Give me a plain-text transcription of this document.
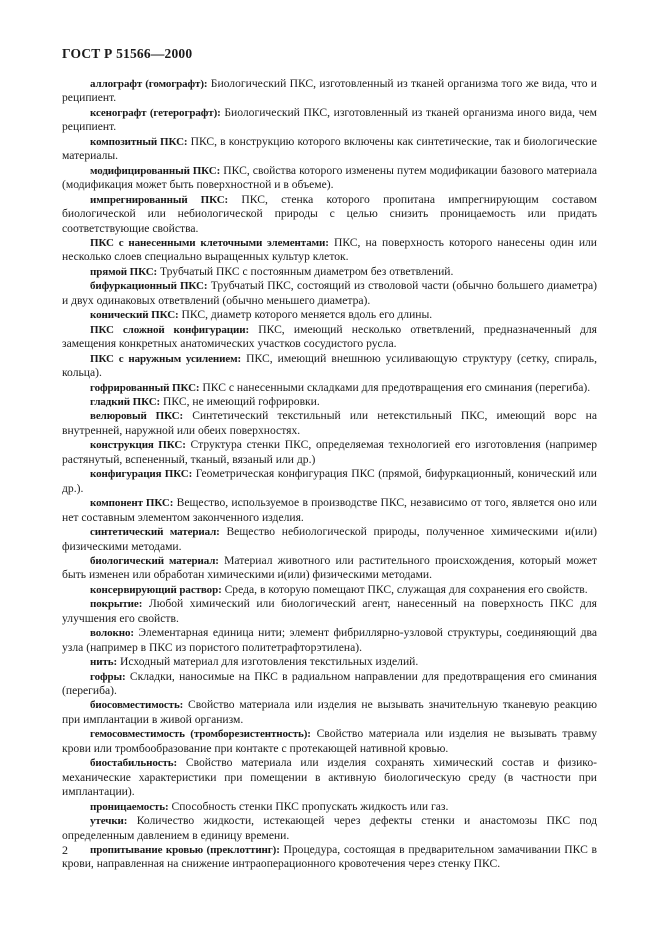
ГОСТ Р 51566—2000

аллографт (гомографт): Биологический ПКС, изготовленный из тканей организма того же вида, что и реципиент.

ксенографт (гетерографт): Биологический ПКС, изготовленный из тканей организма иного вида, чем реципиент.

композитный ПКС: ПКС, в конструкцию которого включены как синтетические, так и биологические материалы.

модифицированный ПКС: ПКС, свойства которого изменены путем модификации базового материала (модификация может быть поверхностной и в объеме).

импрегнированный ПКС: ПКС, стенка которого пропитана импрегнирующим составом биологической или небиологической природы с целью снизить проницаемость или придать соответствующие свойства.

ПКС с нанесенными клеточными элементами: ПКС, на поверхность которого нанесены один или несколько слоев специально выращенных культур клеток.

прямой ПКС: Трубчатый ПКС с постоянным диаметром без ответвлений.

бифуркационный ПКС: Трубчатый ПКС, состоящий из стволовой части (обычно большего диаметра) и двух одинаковых ответвлений (обычно меньшего диаметра).

конический ПКС: ПКС, диаметр которого меняется вдоль его длины.

ПКС сложной конфигурации: ПКС, имеющий несколько ответвлений, предназначенный для замещения конкретных анатомических участков сосудистого русла.

ПКС с наружным усилением: ПКС, имеющий внешнюю усиливающую структуру (сетку, спираль, кольца).

гофрированный ПКС: ПКС с нанесенными складками для предотвращения его сминания (перегиба).

гладкий ПКС: ПКС, не имеющий гофрировки.

велюровый ПКС: Синтетический текстильный или нетекстильный ПКС, имеющий ворс на внутренней, наружной или обеих поверхностях.

конструкция ПКС: Структура стенки ПКС, определяемая технологией его изготовления (например растянутый, вспененный, тканый, вязаный или др.)

конфигурация ПКС: Геометрическая конфигурация ПКС (прямой, бифуркационный, конический или др.).

компонент ПКС: Вещество, используемое в производстве ПКС, независимо от того, является оно или нет составным элементом законченного изделия.

синтетический материал: Вещество небиологической природы, полученное химическими и(или) физическими методами.

биологический материал: Материал животного или растительного происхождения, который может быть изменен или обработан химическими и(или) физическими методами.

консервирующий раствор: Среда, в которую помещают ПКС, служащая для сохранения его свойств.

покрытие: Любой химический или биологический агент, нанесенный на поверхность ПКС для улучшения его свойств.

волокно: Элементарная единица нити; элемент фибриллярно-узловой структуры, соединяющий два узла (например в ПКС из пористого политетрафторэтилена).

нить: Исходный материал для изготовления текстильных изделий.

гофры: Складки, наносимые на ПКС в радиальном направлении для предотвращения его сминания (перегиба).

биосовместимость: Свойство материала или изделия не вызывать значительную тканевую реакцию при имплантации в живой организм.

гемосовместимость (тромборезистентность): Свойство материала или изделия не вызывать травму крови или тромбообразование при контакте с протекающей нативной кровью.

биостабильность: Свойство материала или изделия сохранять химический состав и физико-механические характеристики при помещении в активную биологическую среду (в частности при имплантации).

проницаемость: Способность стенки ПКС пропускать жидкость или газ.

утечки: Количество жидкости, истекающей через дефекты стенки и анастомозы ПКС под определенным давлением в единицу времени.

пропитывание кровью (преклоттинг): Процедура, состоящая в предварительном замачивании ПКС в крови, направленная на снижение интраоперационного кровотечения через стенку ПКС.

2
